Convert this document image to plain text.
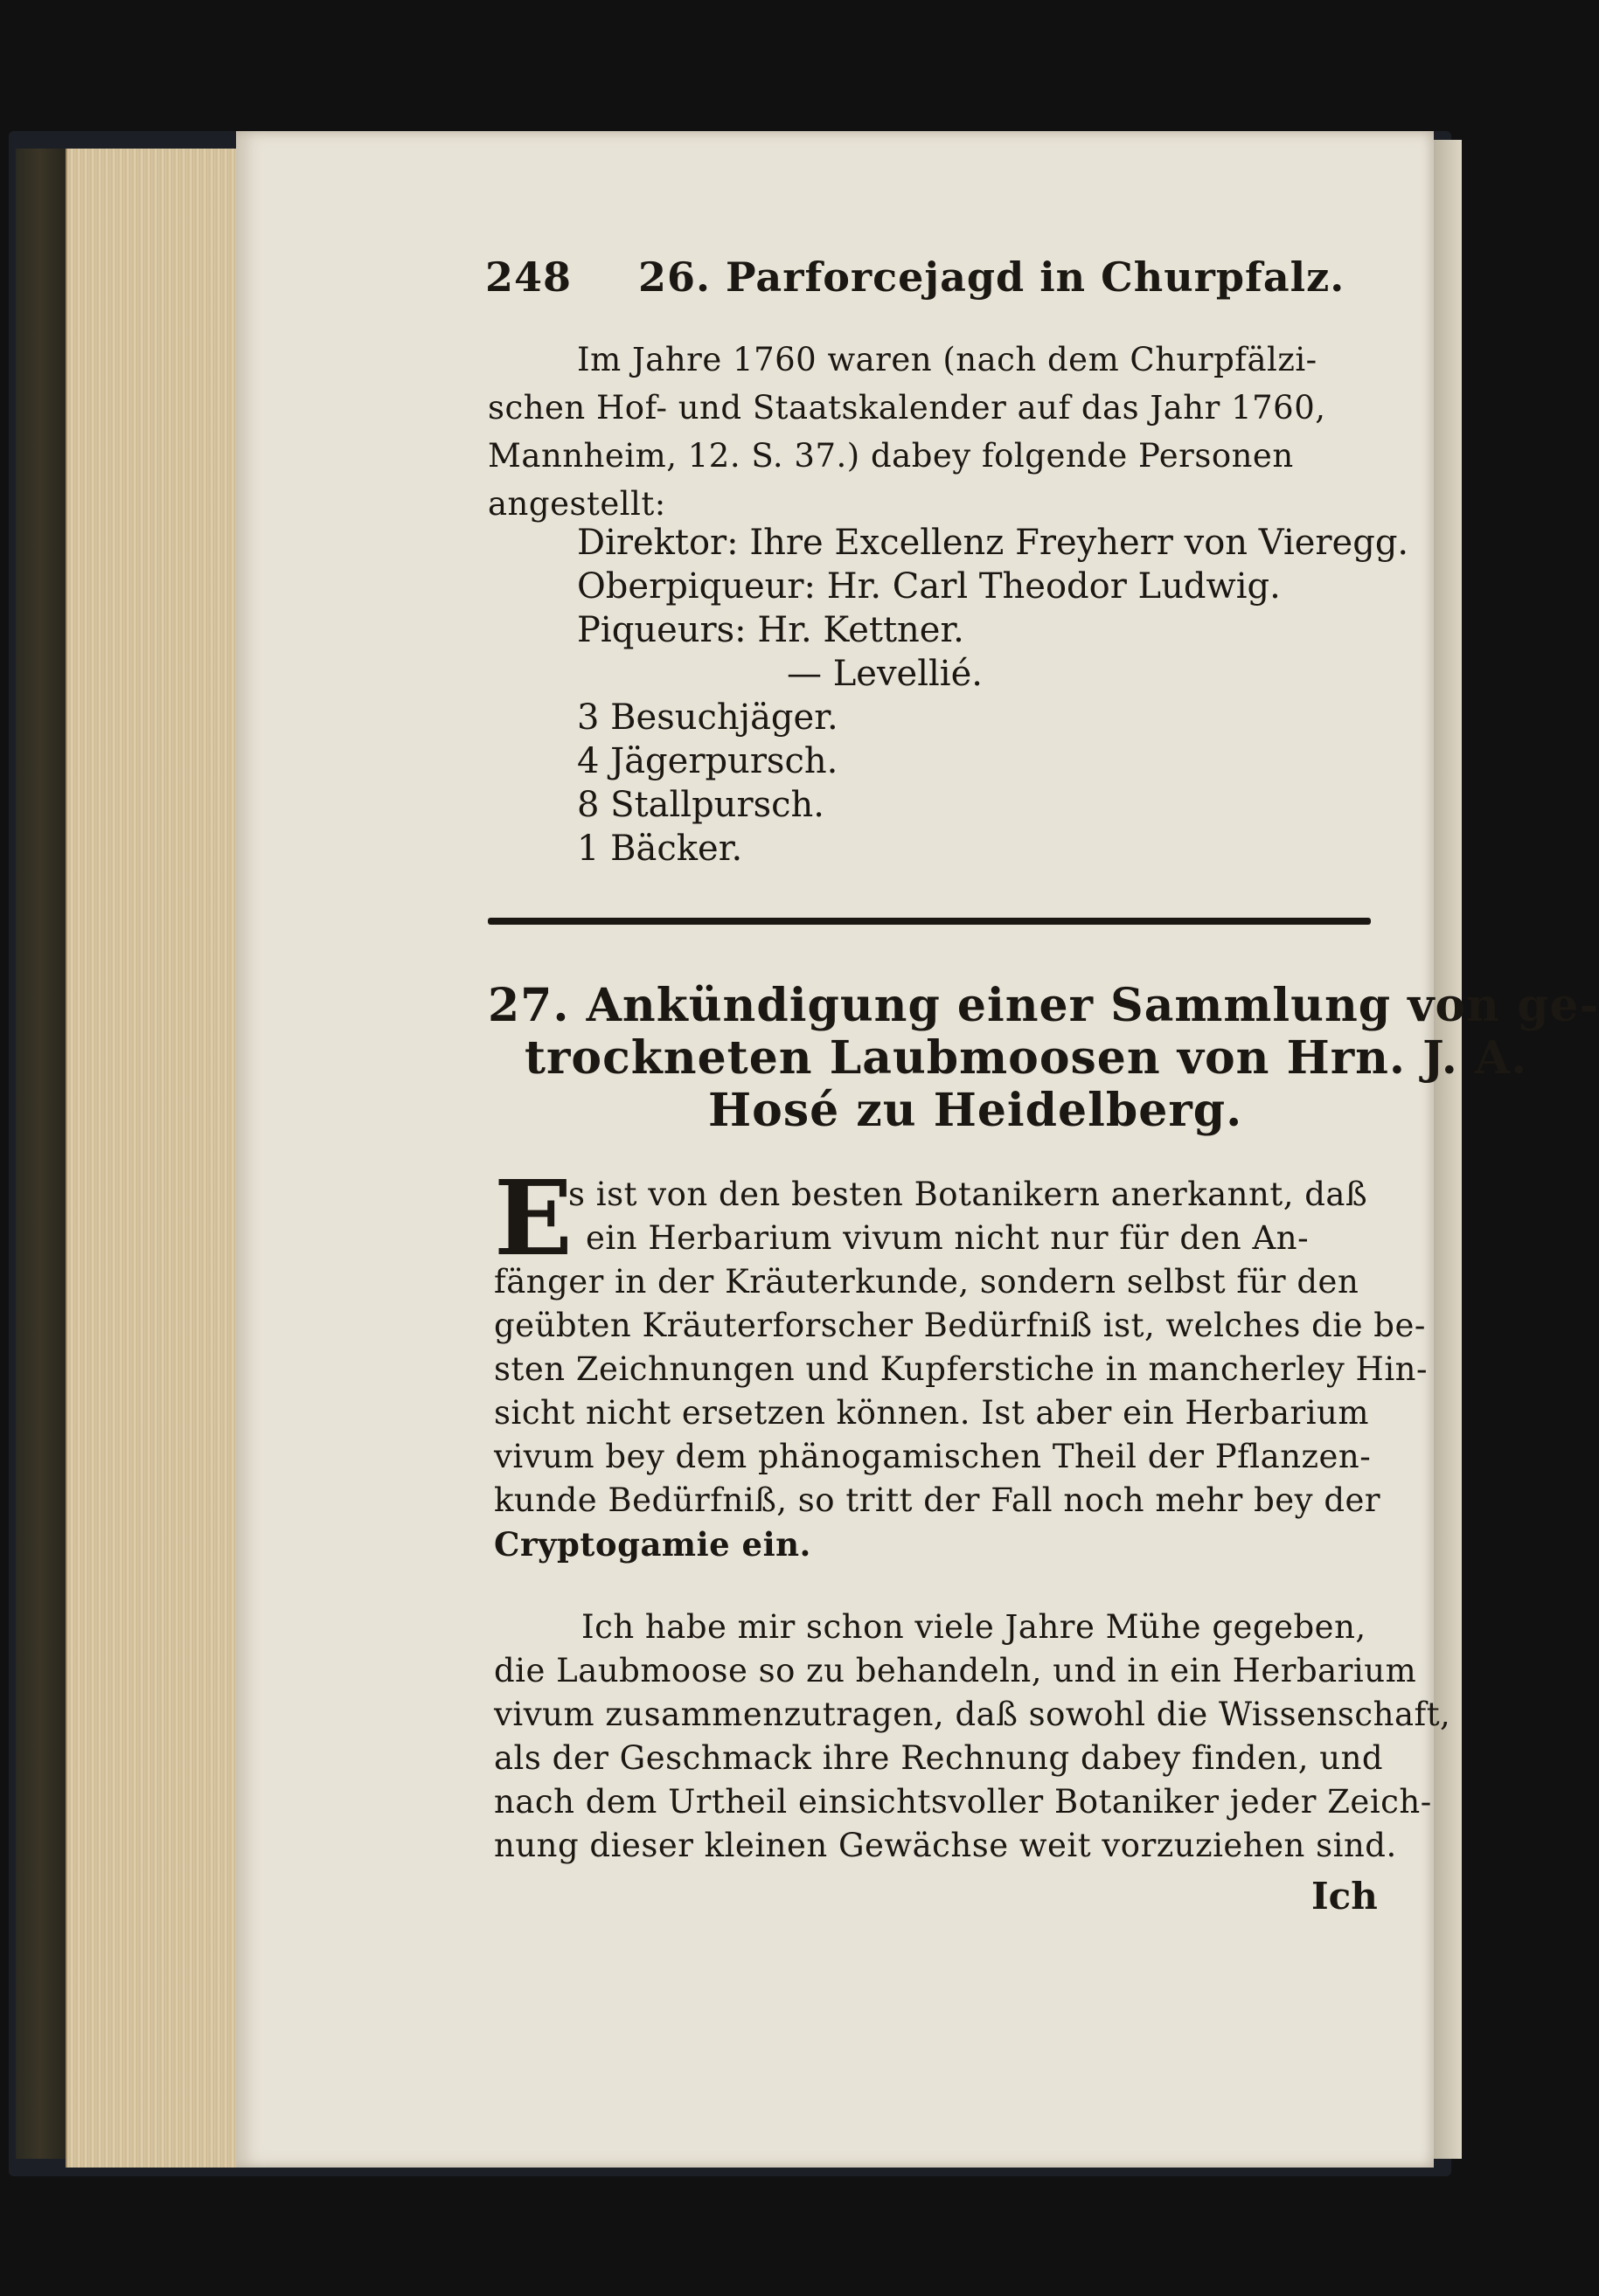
248 26. Parforcejagd in Churpfalz.

Im Jahre 1760 waren (nach dem Churpfälzi-

schen Hof- und Staatskalender auf das Jahr 1760,

Mannheim, 12. S. 37.) dabey folgende Personen

angestellt:

Direktor: Ihre Excellenz Freyherr von Vieregg.

Oberpiqueur: Hr. Carl Theodor Ludwig.

Piqueurs: Hr. Kettner.

— Levellié.

3 Besuchjäger.

4 Jägerpursch.

8 Stallpursch.

1 Bäcker.

27. Ankündigung einer Sammlung von ge-

trockneten Laubmoosen von Hrn. J. A.

Hosé zu Heidelberg.

E

s ist von den besten Botanikern anerkannt, daß

ein Herbarium vivum nicht nur für den An-

fänger in der Kräuterkunde, sondern selbst für den

geübten Kräuterforscher Bedürfniß ist, welches die be-

sten Zeichnungen und Kupferstiche in mancherley Hin-

sicht nicht ersetzen können. Ist aber ein Herbarium

vivum bey dem phänogamischen Theil der Pflanzen-

kunde Bedürfniß, so tritt der Fall noch mehr bey der

Cryptogamie ein.

Ich habe mir schon viele Jahre Mühe gegeben,

die Laubmoose so zu behandeln, und in ein Herbarium

vivum zusammenzutragen, daß sowohl die Wissenschaft,

als der Geschmack ihre Rechnung dabey finden, und

nach dem Urtheil einsichtsvoller Botaniker jeder Zeich-

nung dieser kleinen Gewächse weit vorzuziehen sind.

Ich
